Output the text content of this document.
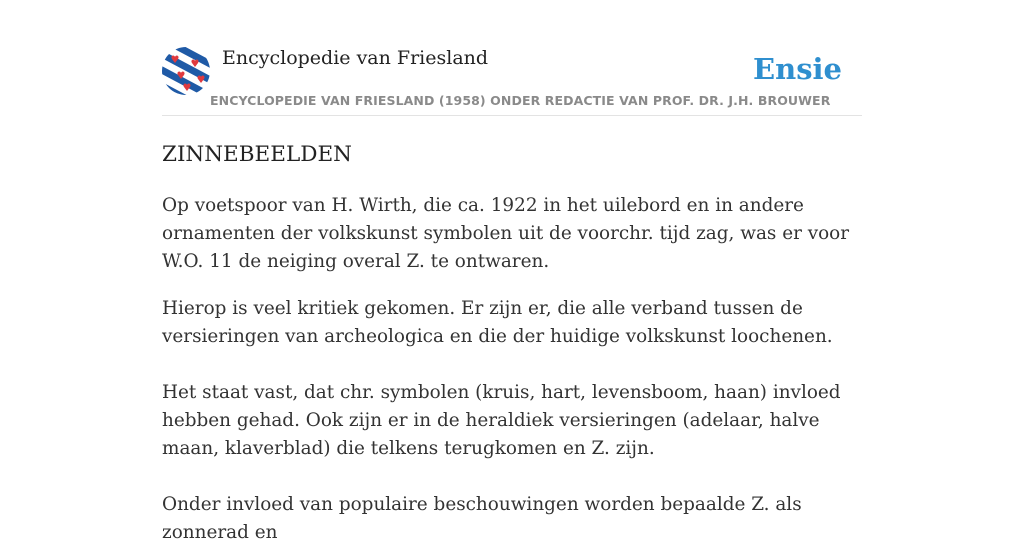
Encyclopedie van Friesland
ENCYCLOPEDIE VAN FRIESLAND (1958) ONDER REDACTIE VAN PROF. DR. J.H. BROUWER
Ensie
ZINNEBEELDEN

Op voetspoor van H. Wirth, die ca. 1922 in het uilebord en in andere ornamenten der volkskunst symbolen uit de voorchr. tijd zag, was er voor W.O. 11 de neiging overal Z. te ontwaren.

Hierop is veel kritiek gekomen. Er zijn er, die alle verband tussen de versieringen van archeologica en die der huidige volkskunst loochenen.

Het staat vast, dat chr. symbolen (kruis, hart, levensboom, haan) invloed hebben gehad. Ook zijn er in de heraldiek versieringen (adelaar, halve maan, klaverblad) die telkens terugkomen en Z. zijn.

Onder invloed van populaire beschouwingen worden bepaalde Z. als zonnerad en
